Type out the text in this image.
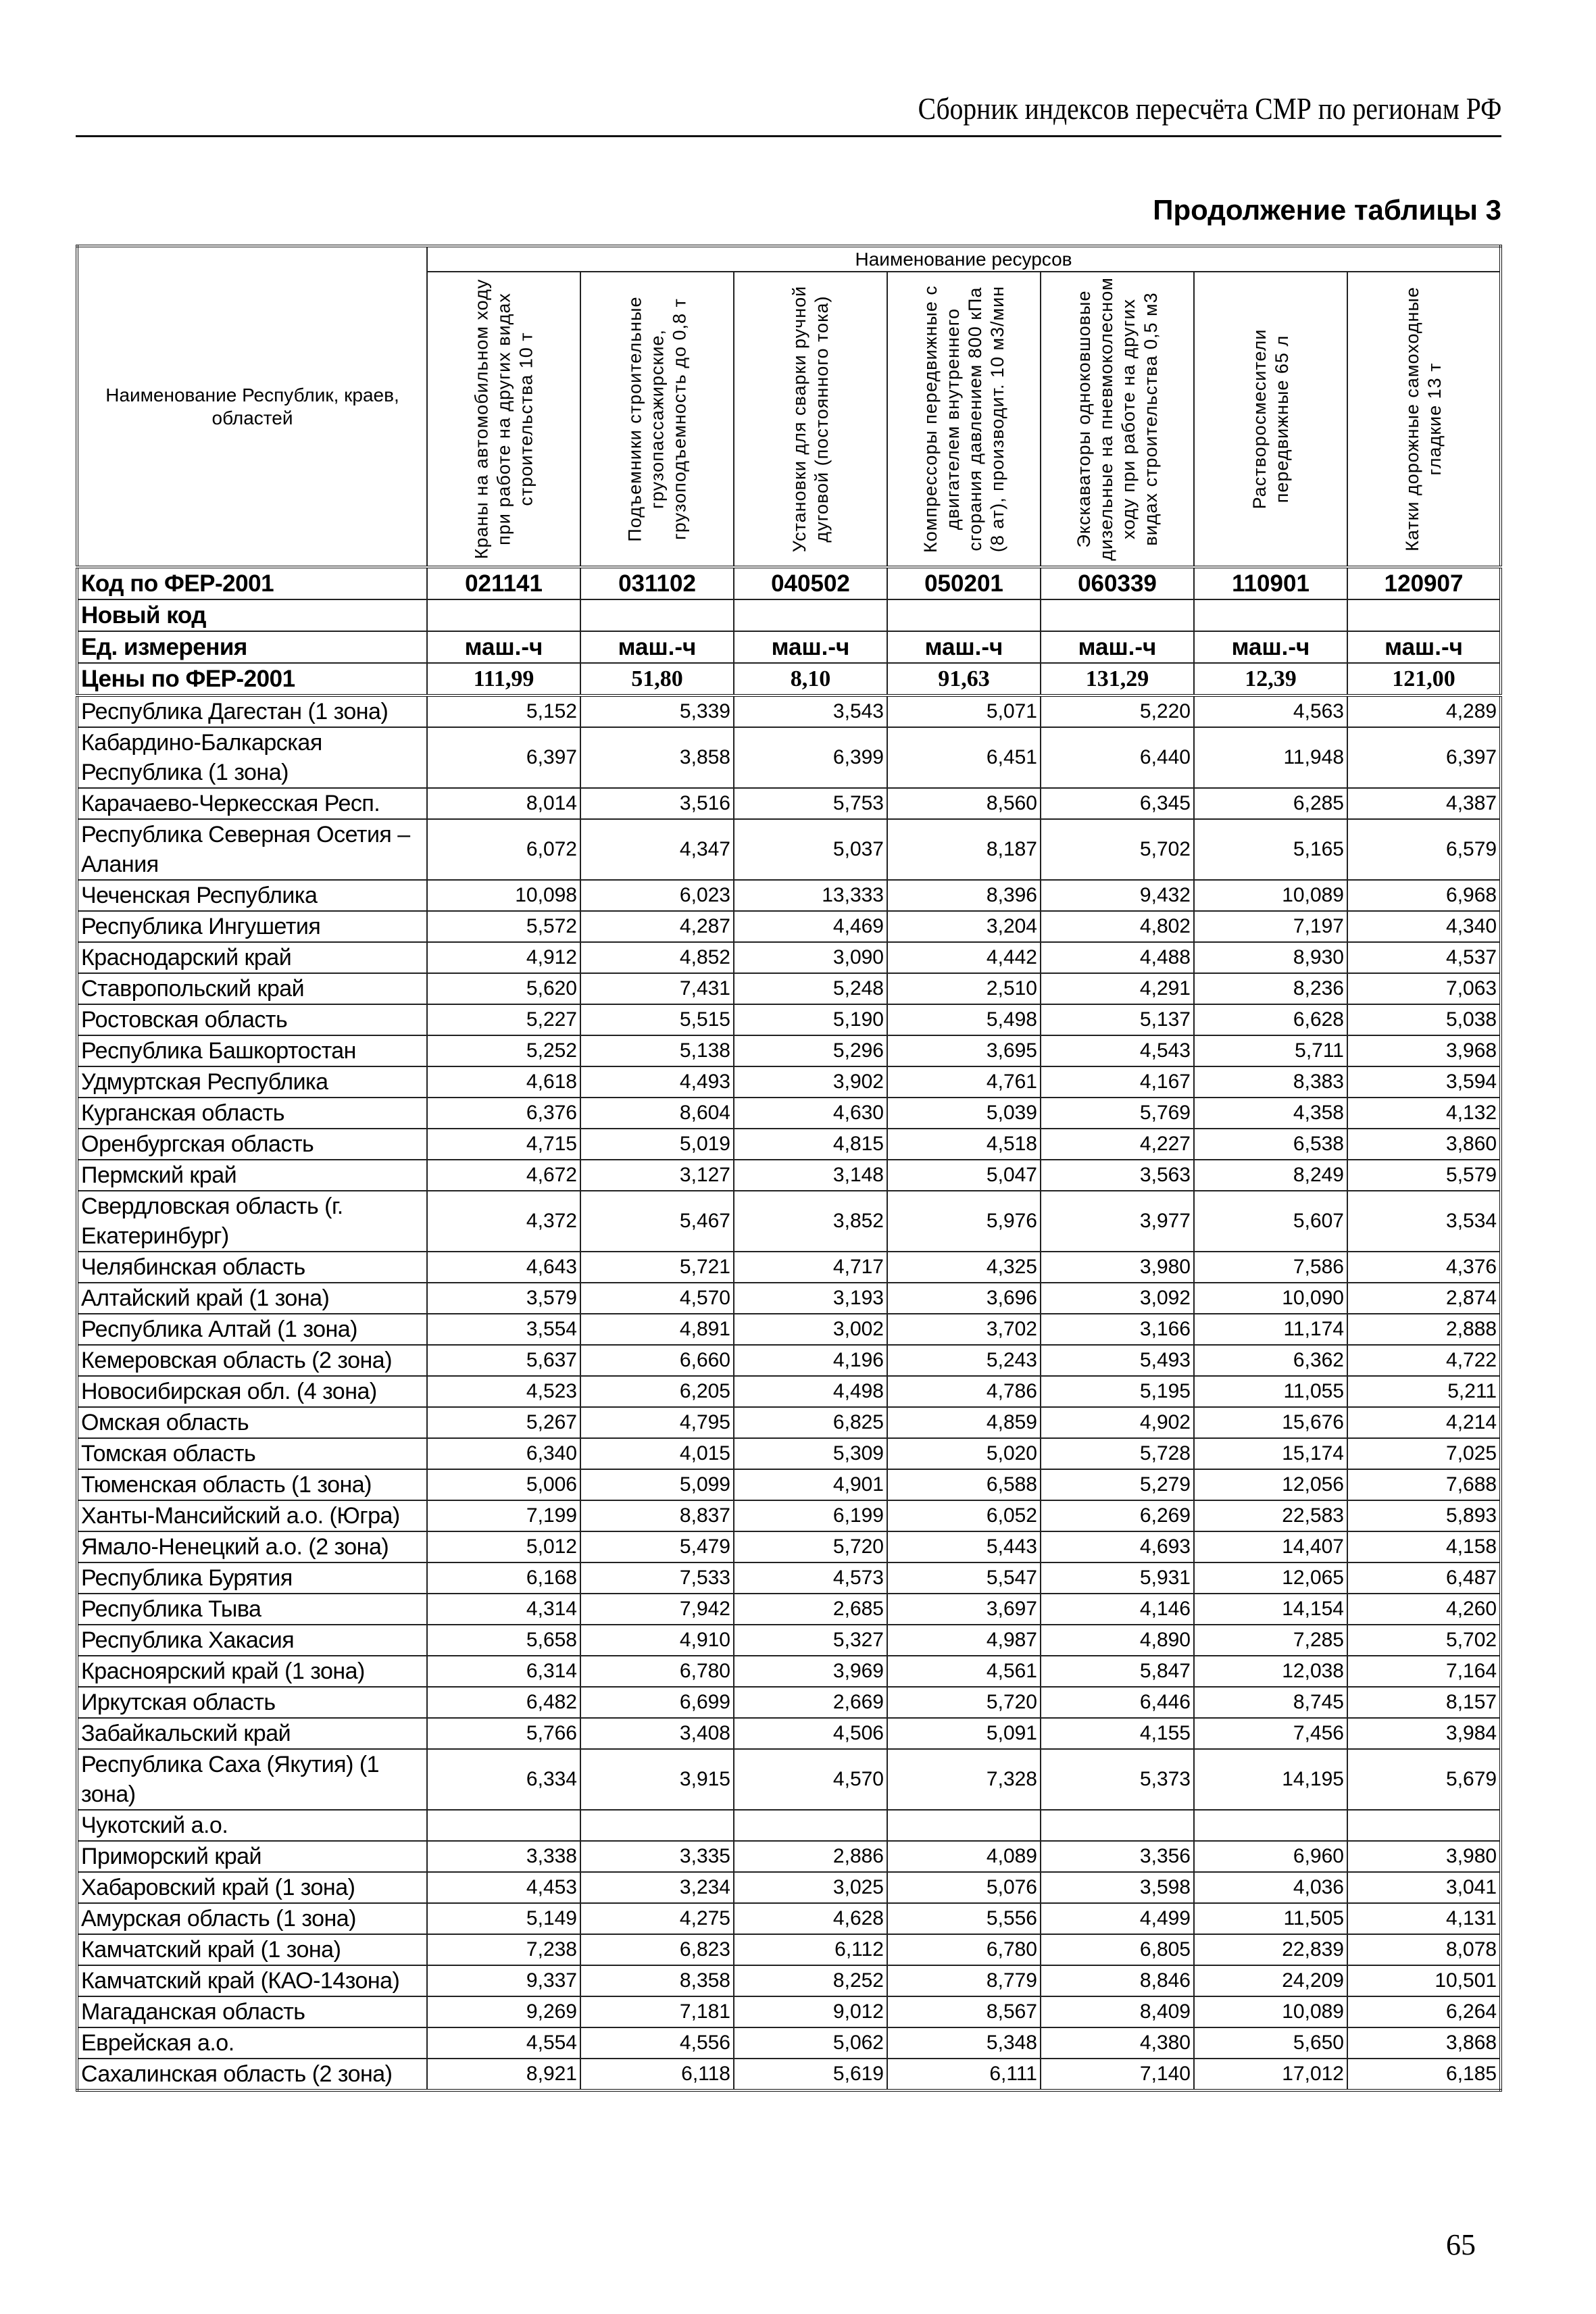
Сборник индексов пересчёта СМР по регионам РФ
Продолжение таблицы 3
Наименование Республик, краев, областей	Наименование ресурсов						

	Краны на автомобильном ходу при работе на других видах строительства 10 т	Подъемники строительные грузопассажирские, грузоподъемность до 0,8 т	Установки для сварки ручной дуговой (постоянного тока)	Компрессоры передвижные с двигателем внутреннего сгорания давлением 800 кПа (8 ат), производит. 10 м3/мин	Экскаваторы одноковшовые дизельные на пневмоколесном ходу при работе на других видах строительства 0,5 м3	Растворосмесители передвижные 65 л	Катки дорожные самоходные гладкие 13 т

Код по ФЕР-2001	021141	031102	040502	050201	060339	110901	120907
Новый код							
Ед. измерения	маш.-ч	маш.-ч	маш.-ч	маш.-ч	маш.-ч	маш.-ч	маш.-ч
Цены по ФЕР-2001	111,99	51,80	8,10	91,63	131,29	12,39	121,00
Республика Дагестан (1 зона)	5,152	5,339	3,543	5,071	5,220	4,563	4,289
Кабардино-Балкарская Республика (1 зона)	6,397	3,858	6,399	6,451	6,440	11,948	6,397
Карачаево-Черкесская Респ.	8,014	3,516	5,753	8,560	6,345	6,285	4,387
Республика Северная Осетия – Алания	6,072	4,347	5,037	8,187	5,702	5,165	6,579
Чеченская Республика	10,098	6,023	13,333	8,396	9,432	10,089	6,968
Республика Ингушетия	5,572	4,287	4,469	3,204	4,802	7,197	4,340
Краснодарский край	4,912	4,852	3,090	4,442	4,488	8,930	4,537
Ставропольский край	5,620	7,431	5,248	2,510	4,291	8,236	7,063
Ростовская область	5,227	5,515	5,190	5,498	5,137	6,628	5,038
Республика Башкортостан	5,252	5,138	5,296	3,695	4,543	5,711	3,968
Удмуртская Республика	4,618	4,493	3,902	4,761	4,167	8,383	3,594
Курганская область	6,376	8,604	4,630	5,039	5,769	4,358	4,132
Оренбургская область	4,715	5,019	4,815	4,518	4,227	6,538	3,860
Пермский край	4,672	3,127	3,148	5,047	3,563	8,249	5,579
Свердловская область (г. Екатеринбург)	4,372	5,467	3,852	5,976	3,977	5,607	3,534
Челябинская область	4,643	5,721	4,717	4,325	3,980	7,586	4,376
Алтайский край (1 зона)	3,579	4,570	3,193	3,696	3,092	10,090	2,874
Республика Алтай (1 зона)	3,554	4,891	3,002	3,702	3,166	11,174	2,888
Кемеровская область (2 зона)	5,637	6,660	4,196	5,243	5,493	6,362	4,722
Новосибирская обл. (4 зона)	4,523	6,205	4,498	4,786	5,195	11,055	5,211
Омская область	5,267	4,795	6,825	4,859	4,902	15,676	4,214
Томская область	6,340	4,015	5,309	5,020	5,728	15,174	7,025
Тюменская область (1 зона)	5,006	5,099	4,901	6,588	5,279	12,056	7,688
Ханты-Мансийский а.о. (Югра)	7,199	8,837	6,199	6,052	6,269	22,583	5,893
Ямало-Ненецкий а.о. (2 зона)	5,012	5,479	5,720	5,443	4,693	14,407	4,158
Республика Бурятия	6,168	7,533	4,573	5,547	5,931	12,065	6,487
Республика Тыва	4,314	7,942	2,685	3,697	4,146	14,154	4,260
Республика Хакасия	5,658	4,910	5,327	4,987	4,890	7,285	5,702
Красноярский край (1 зона)	6,314	6,780	3,969	4,561	5,847	12,038	7,164
Иркутская область	6,482	6,699	2,669	5,720	6,446	8,745	8,157
Забайкальский край	5,766	3,408	4,506	5,091	4,155	7,456	3,984
Республика Саха (Якутия) (1 зона)	6,334	3,915	4,570	7,328	5,373	14,195	5,679
Чукотский а.о.							
Приморский край	3,338	3,335	2,886	4,089	3,356	6,960	3,980
Хабаровский край (1 зона)	4,453	3,234	3,025	5,076	3,598	4,036	3,041
Амурская область (1 зона)	5,149	4,275	4,628	5,556	4,499	11,505	4,131
Камчатский край (1 зона)	7,238	6,823	6,112	6,780	6,805	22,839	8,078
Камчатский край (КАО-14зона)	9,337	8,358	8,252	8,779	8,846	24,209	10,501
Магаданская область	9,269	7,181	9,012	8,567	8,409	10,089	6,264
Еврейская а.о.	4,554	4,556	5,062	5,348	4,380	5,650	3,868
Сахалинская область (2 зона)	8,921	6,118	5,619	6,111	7,140	17,012	6,185
65
